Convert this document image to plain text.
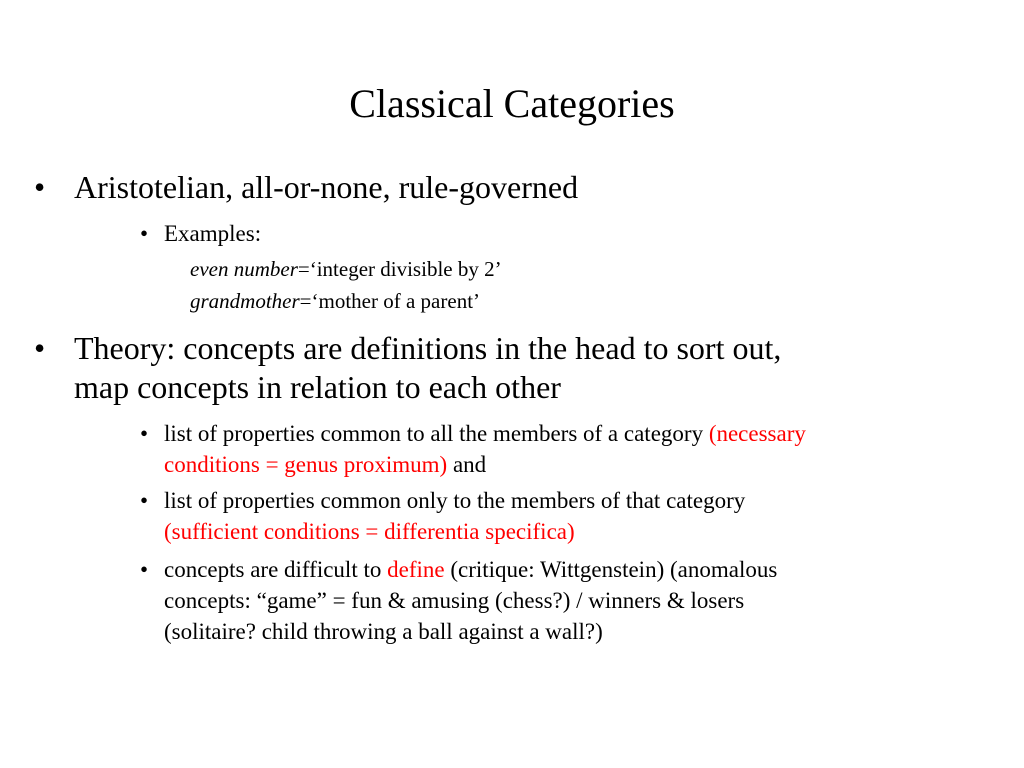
Classical Categories
• Aristotelian, all-or-none, rule-governed
• Examples:
even number=‘integer divisible by 2’
grandmother=‘mother of a parent’
• Theory: concepts are definitions in the head to sort out,
map concepts in relation to each other
• list of properties common to all the members of a category (necessary
conditions = genus proximum) and
• list of properties common only to the members of that category
(sufficient conditions = differentia specifica)
• concepts are difficult to define (critique: Wittgenstein) (anomalous
concepts: “game” = fun & amusing (chess?) / winners & losers
(solitaire? child throwing a ball against a wall?)
